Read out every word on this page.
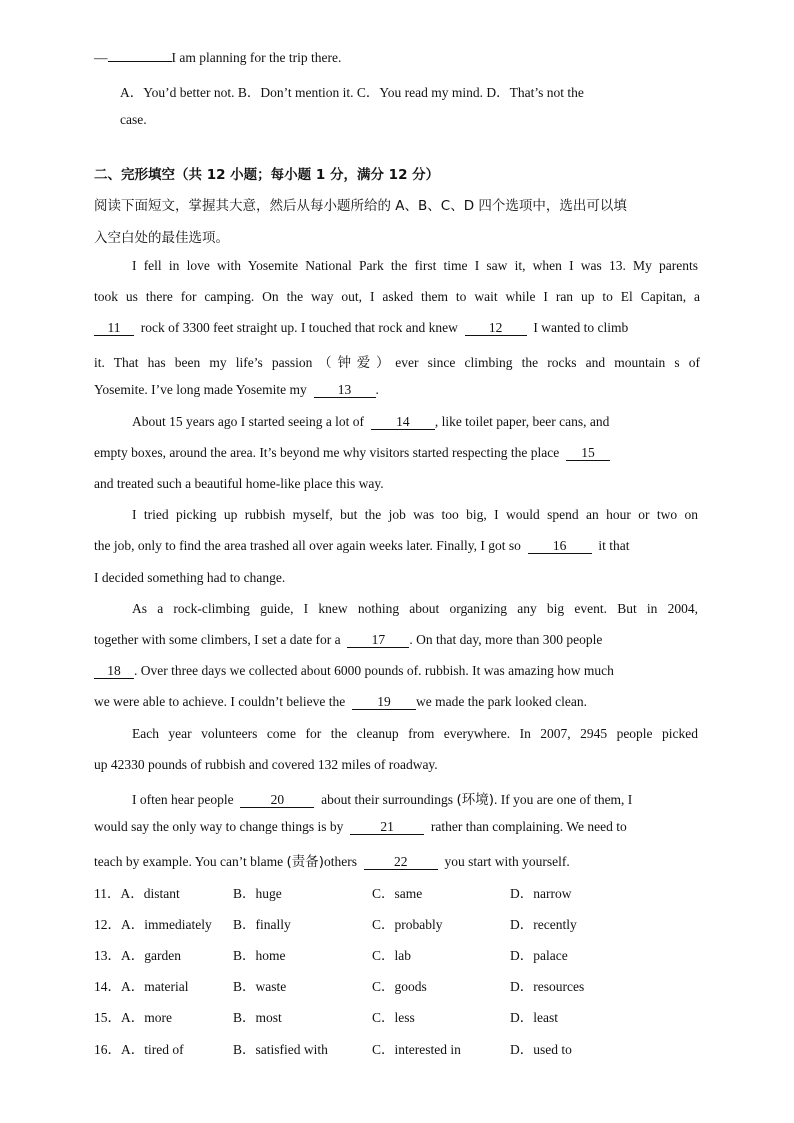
—	I am planning for the trip there.
A．You’d better not. B．Don’t mention it. C．You read my mind. D．That’s not the
case.
二、完形填空（共 12 小题；每小题 1 分，满分 12 分）
阅读下面短文，掌握其大意，然后从每小题所给的 A、B、C、D 四个选项中，选出可以填
入空白处的最佳选项。
I fell in love with Yosemite National Park the first time I saw it, when I was 13. My parents
took us there for camping. On the way out, I asked them to wait while I ran up to El Capitan, a
11 rock of 3300 feet straight up. I touched that rock and knew 12 I wanted to climb
it. That has been my life’s passion（钟爱）ever since climbing the rocks and mountain s of
Yosemite. I’ve long made Yosemite my 13 .
About 15 years ago I started seeing a lot of 14 , like toilet paper, beer cans, and
empty boxes, around the area. It’s beyond me why visitors started respecting the place 15
and treated such a beautiful home-like place this way.
I tried picking up rubbish myself, but the job was too big, I would spend an hour or two on
the job, only to find the area trashed all over again weeks later. Finally, I got so 16 it that
I decided something had to change.
As a rock-climbing guide, I knew nothing about organizing any big event. But in 2004,
together with some climbers, I set a date for a 17 . On that day, more than 300 people
18 . Over three days we collected about 6000 pounds of. rubbish. It was amazing how much
we were able to achieve. I couldn’t believe the 19 we made the park looked clean.
Each year volunteers come for the cleanup from everywhere. In 2007, 2945 people picked
up 42330 pounds of rubbish and covered 132 miles of roadway.
I often hear people	20	about their surroundings (环境). If you are one of them, I
would say the only way to change things is by	21	rather than complaining. We need to
teach by example. You can’t blame (责备)others	22	you start with yourself.
11．A．distant	B．huge	C．same	D．narrow
12．A．immediately B．finally	C．probably	D．recently
13．A．garden	B．home	C．lab	D．palace
14．A．material	B．waste	C．goods	D．resources
15．A．more	B．most	C．less	D．least
16．A．tired of	B．satisfied with	C．interested in	D．used to
